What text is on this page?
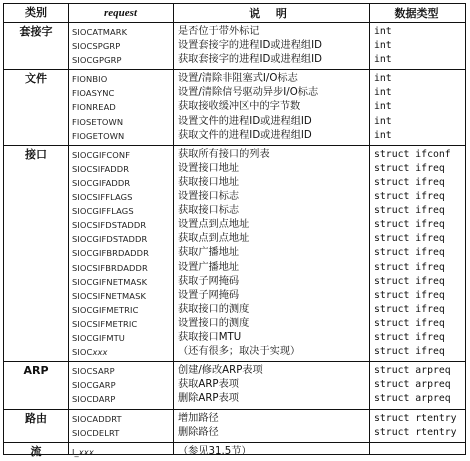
类别	request	说 明	数据类型
套接字	SIOCATMARK	是否位于带外标记	int
SIOCSPGRP	设置套接字的进程ID或进程组ID	int
SIOCGPGRP	获取套接字的进程ID或进程组ID	int
文件	FIONBIO	设置/清除非阻塞式I/O标志	int
FIOASYNC	设置/清除信号驱动异步I/O标志	int
FIONREAD	获取接收缓冲区中的字节数	int
FIOSETOWN	设置文件的进程ID或进程组ID	int
FIOGETOWN	获取文件的进程ID或进程组ID	int
接口	SIOCGIFCONF	获取所有接口的列表	struct ifconf
SIOCSIFADDR	设置接口地址	struct ifreq
SIOCGIFADDR	获取接口地址	struct ifreq
SIOCSIFFLAGS	设置接口标志	struct ifreq
SIOCGIFFLAGS	获取接口标志	struct ifreq
SIOCSIFDSTADDR	设置点到点地址	struct ifreq
SIOCGIFDSTADDR	获取点到点地址	struct ifreq
SIOCGIFBRDADDR	获取广播地址	struct ifreq
SIOCSIFBRDADDR	设置广播地址	struct ifreq
SIOCGIFNETMASK	获取子网掩码	struct ifreq
SIOCSIFNETMASK	设置子网掩码	struct ifreq
SIOCGIFMETRIC	获取接口的测度	struct ifreq
SIOCSIFMETRIC	设置接口的测度	struct ifreq
SIOCGIFMTU	获取接口MTU	struct ifreq
SIOCxxx	（还有很多；取决于实现）	struct ifreq
ARP	SIOCSARP	创建/修改ARP表项	struct arpreq
SIOCGARP	获取ARP表项	struct arpreq
SIOCDARP	删除ARP表项	struct arpreq
路由	SIOCADDRT	增加路径	struct rtentry
SIOCDELRT	删除路径	struct rtentry
流	I_xxx	（参见31.5节）
